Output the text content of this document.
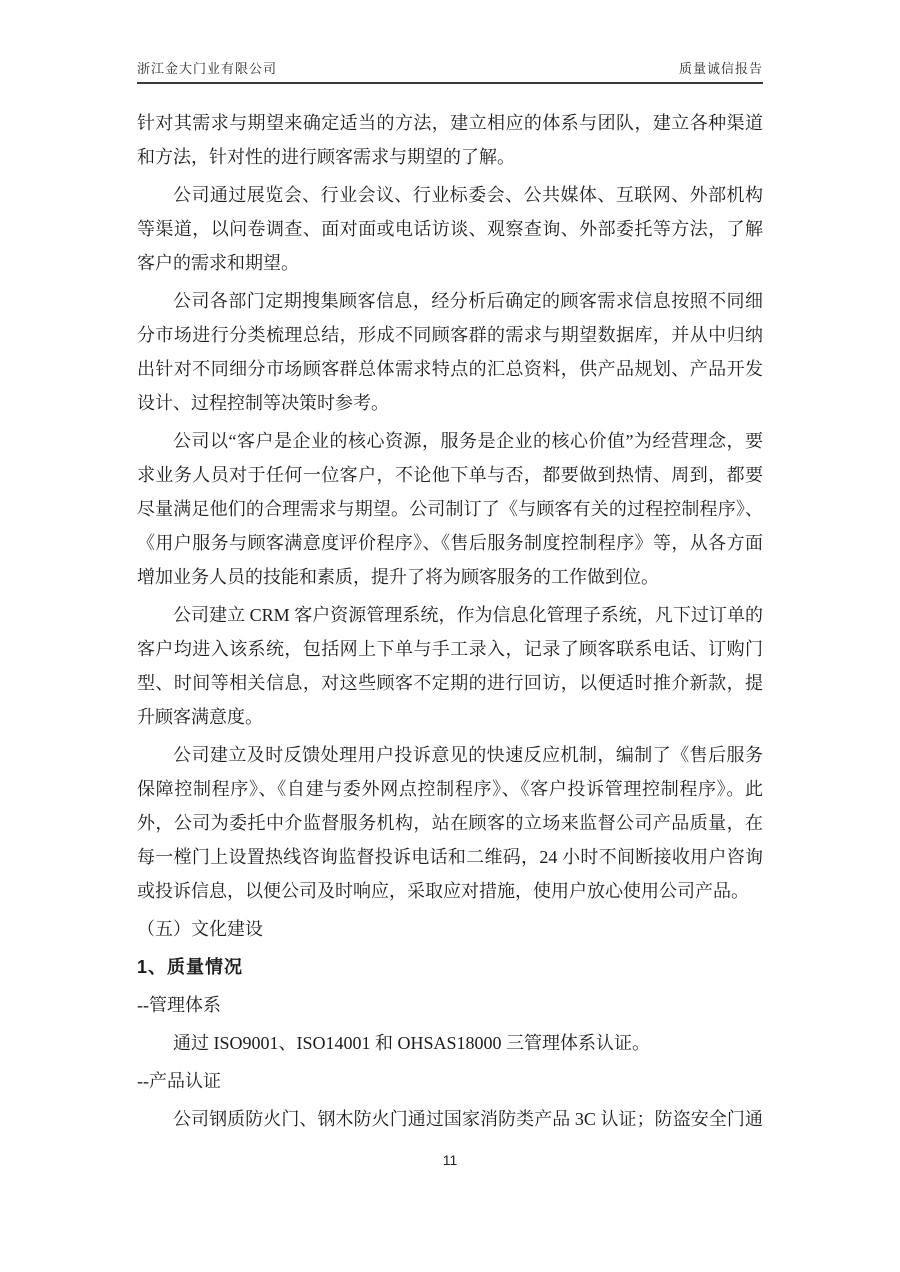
浙江金大门业有限公司	质量诚信报告

针对其需求与期望来确定适当的方法，建立相应的体系与团队，建立各种渠道和方法，针对性的进行顾客需求与期望的了解。

公司通过展览会、行业会议、行业标委会、公共媒体、互联网、外部机构等渠道，以问卷调查、面对面或电话访谈、观察查询、外部委托等方法，了解客户的需求和期望。

公司各部门定期搜集顾客信息，经分析后确定的顾客需求信息按照不同细分市场进行分类梳理总结，形成不同顾客群的需求与期望数据库，并从中归纳出针对不同细分市场顾客群总体需求特点的汇总资料，供产品规划、产品开发设计、过程控制等决策时参考。

公司以“客户是企业的核心资源，服务是企业的核心价值”为经营理念，要求业务人员对于任何一位客户，不论他下单与否，都要做到热情、周到，都要尽量满足他们的合理需求与期望。公司制订了《与顾客有关的过程控制程序》、《用户服务与顾客满意度评价程序》、《售后服务制度控制程序》等，从各方面增加业务人员的技能和素质，提升了将为顾客服务的工作做到位。

公司建立 CRM 客户资源管理系统，作为信息化管理子系统，凡下过订单的客户均进入该系统，包括网上下单与手工录入，记录了顾客联系电话、订购门型、时间等相关信息，对这些顾客不定期的进行回访，以便适时推介新款，提升顾客满意度。

公司建立及时反馈处理用户投诉意见的快速反应机制，编制了《售后服务保障控制程序》、《自建与委外网点控制程序》、《客户投诉管理控制程序》。此外，公司为委托中介监督服务机构，站在顾客的立场来监督公司产品质量，在每一樘门上设置热线咨询监督投诉电话和二维码，24 小时不间断接收用户咨询或投诉信息，以便公司及时响应，采取应对措施，使用户放心使用公司产品。

（五）文化建设

1、质量情况

--管理体系

通过 ISO9001、ISO14001 和 OHSAS18000 三管理体系认证。

--产品认证

公司钢质防火门、钢木防火门通过国家消防类产品 3C 认证；防盗安全门通

11
